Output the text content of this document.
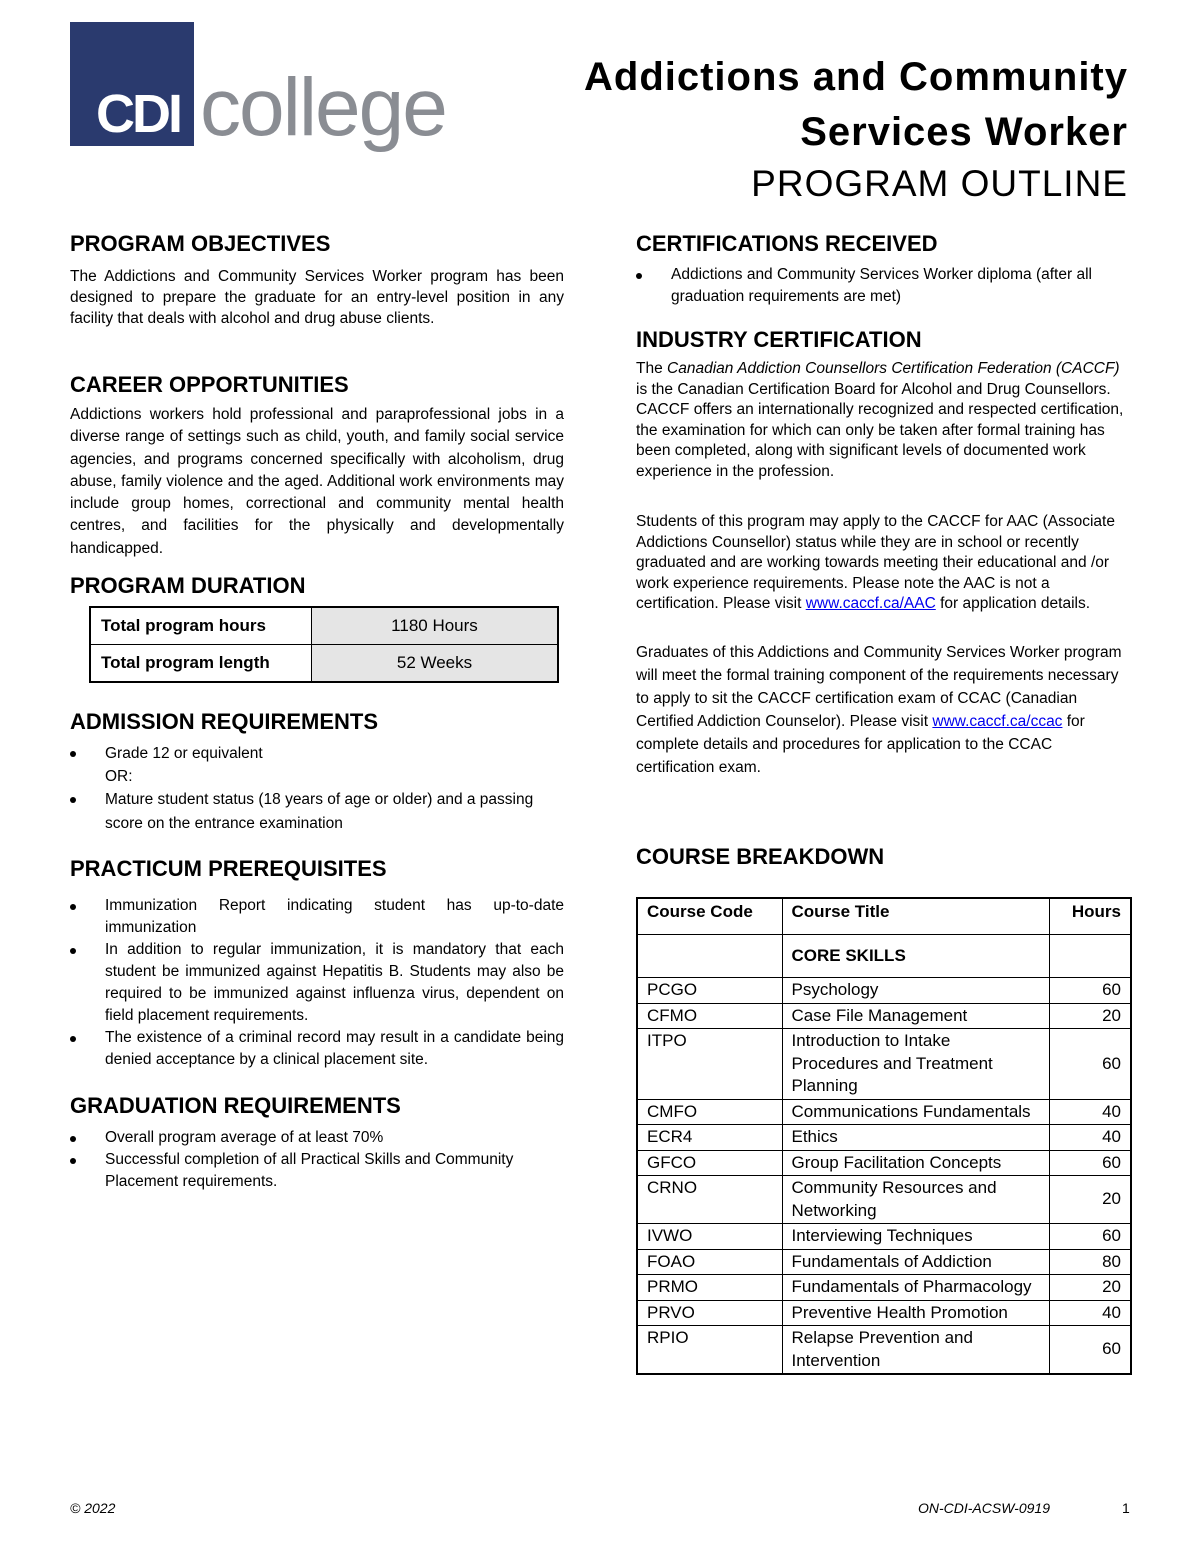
CDI college	Addictions and Community
Services Worker
PROGRAM OUTLINE
PROGRAM OBJECTIVES

The Addictions and Community Services Worker program has been designed to prepare the graduate for an entry-level position in any facility that deals with alcohol and drug abuse clients.

CAREER OPPORTUNITIES

Addictions workers hold professional and paraprofessional jobs in a diverse range of settings such as child, youth, and family social service agencies, and programs concerned specifically with alcoholism, drug abuse, family violence and the aged. Additional work environments may include group homes, correctional and community mental health centres, and facilities for the physically and developmentally handicapped.

PROGRAM DURATION
Total program hours	1180 Hours
Total program length	52 Weeks
ADMISSION REQUIREMENTS
Grade 12 or equivalent
OR:
Mature student status (18 years of age or older) and a passing score on the entrance examination
PRACTICUM PREREQUISITES
Immunization Report indicating student has up-to-date immunization
In addition to regular immunization, it is mandatory that each student be immunized against Hepatitis B. Students may also be required to be immunized against influenza virus, dependent on field placement requirements.
The existence of a criminal record may result in a candidate being denied acceptance by a clinical placement site.
GRADUATION REQUIREMENTS
Overall program average of at least 70%
Successful completion of all Practical Skills and Community Placement requirements.
CERTIFICATIONS RECEIVED
Addictions and Community Services Worker diploma (after all graduation requirements are met)
INDUSTRY CERTIFICATION

The Canadian Addiction Counsellors Certification Federation (CACCF) is the Canadian Certification Board for Alcohol and Drug Counsellors. CACCF offers an internationally recognized and respected certification, the examination for which can only be taken after formal training has been completed, along with significant levels of documented work experience in the profession.

Students of this program may apply to the CACCF for AAC (Associate Addictions Counsellor) status while they are in school or recently graduated and are working towards meeting their educational and /or work experience requirements. Please note the AAC is not a certification. Please visit www.caccf.ca/AAC for application details.

Graduates of this Addictions and Community Services Worker program will meet the formal training component of the requirements necessary to apply to sit the CACCF certification exam of CCAC (Canadian Certified Addiction Counselor). Please visit www.caccf.ca/ccac for complete details and procedures for application to the CCAC certification exam.

COURSE BREAKDOWN
Course Code	Course Title	Hours
	CORE SKILLS	
PCGO	Psychology	60
CFMO	Case File Management	20
ITPO	Introduction to Intake Procedures and Treatment Planning	60
CMFO	Communications Fundamentals	40
ECR4	Ethics	40
GFCO	Group Facilitation Concepts	60
CRNO	Community Resources and Networking	20
IVWO	Interviewing Techniques	60
FOAO	Fundamentals of Addiction	80
PRMO	Fundamentals of Pharmacology	20
PRVO	Preventive Health Promotion	40
RPIO	Relapse Prevention and Intervention	60
© 2022	ON-CDI-ACSW-0919	1
